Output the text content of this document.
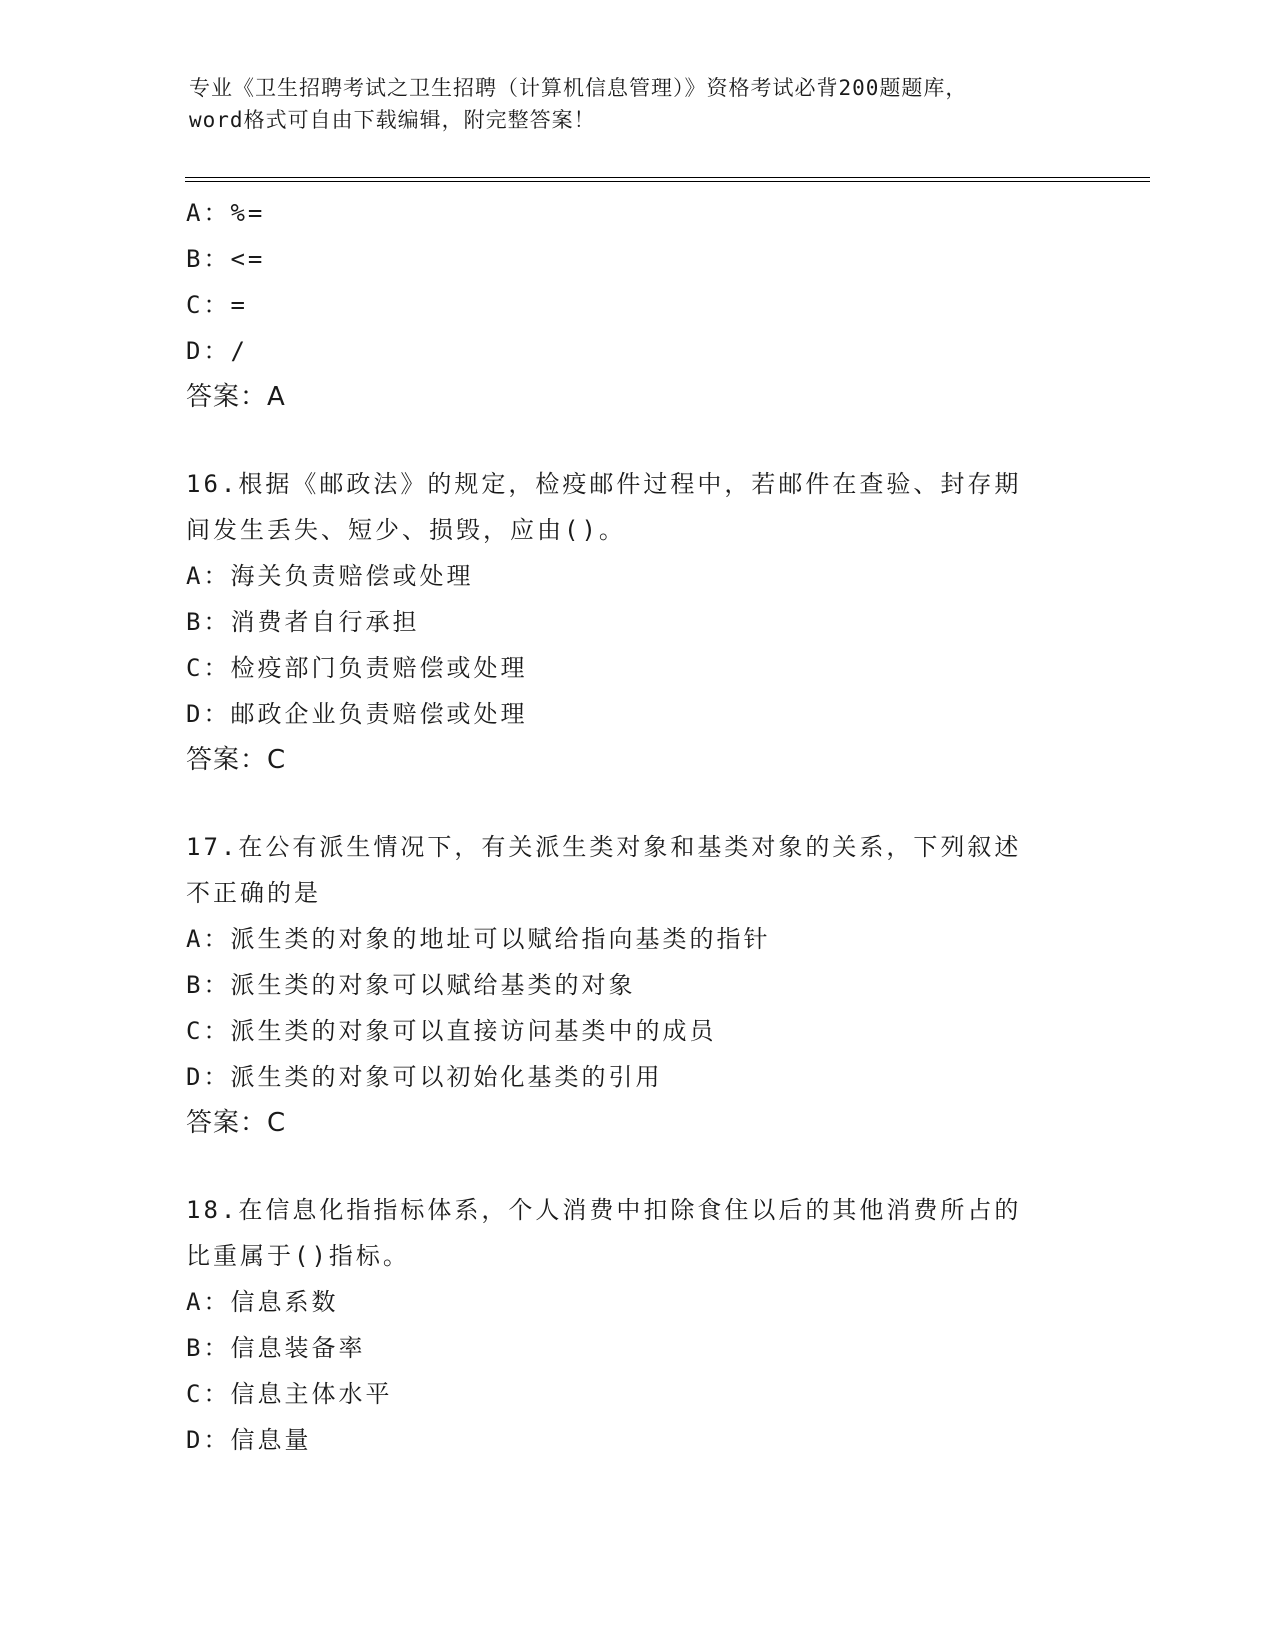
专业《卫生招聘考试之卫生招聘（计算机信息管理）》资格考试必背200题题库，
word格式可自由下载编辑，附完整答案！
A：%=
B：<=
C：=
D：/
答案：A
16.根据《邮政法》的规定，检疫邮件过程中，若邮件在查验、封存期
间发生丢失、短少、损毁，应由()。
A：海关负责赔偿或处理
B：消费者自行承担
C：检疫部门负责赔偿或处理
D：邮政企业负责赔偿或处理
答案：C
17.在公有派生情况下，有关派生类对象和基类对象的关系，下列叙述
不正确的是
A：派生类的对象的地址可以赋给指向基类的指针
B：派生类的对象可以赋给基类的对象
C：派生类的对象可以直接访问基类中的成员
D：派生类的对象可以初始化基类的引用
答案：C
18.在信息化指指标体系，个人消费中扣除食住以后的其他消费所占的
比重属于()指标。
A：信息系数
B：信息装备率
C：信息主体水平
D：信息量
